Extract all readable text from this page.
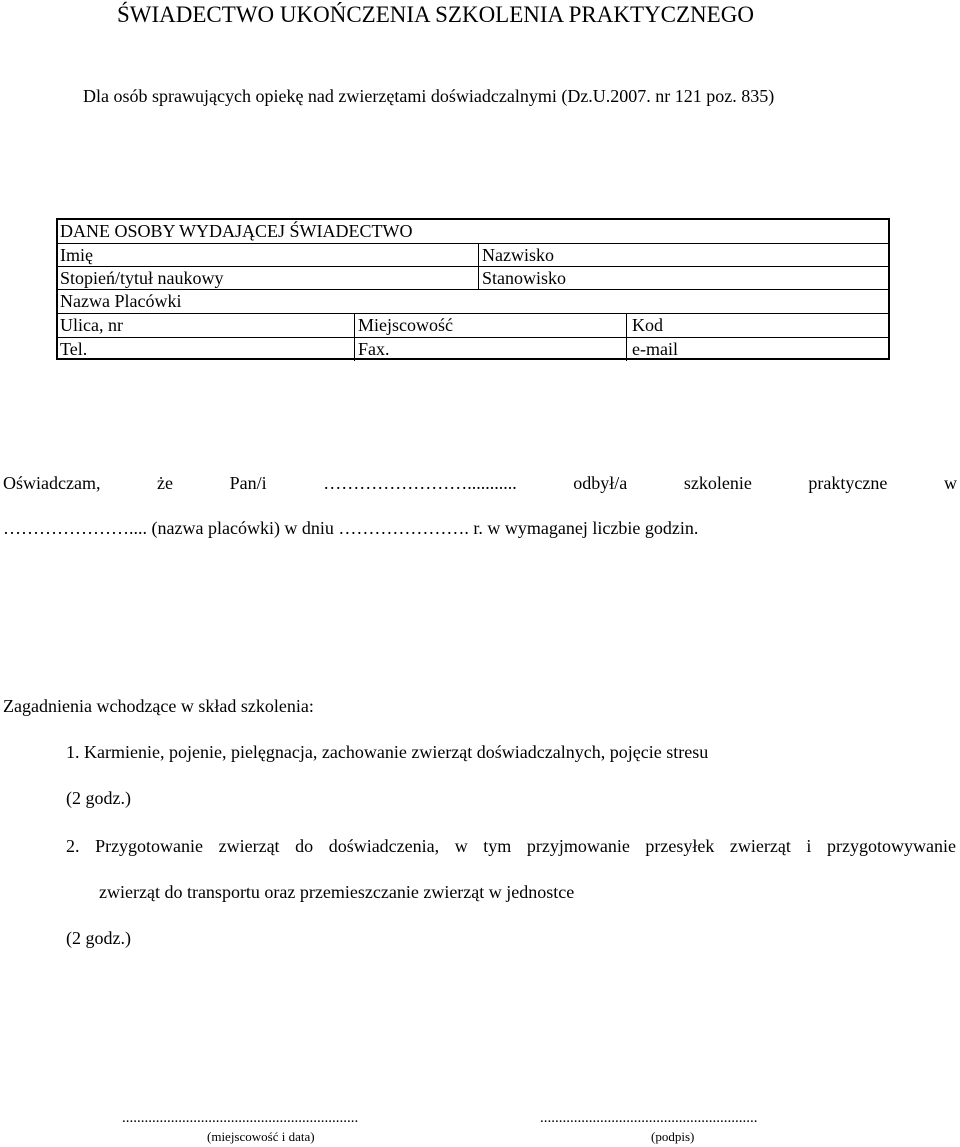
ŚWIADECTWO UKOŃCZENIA SZKOLENIA PRAKTYCZNEGO
Dla osób sprawujących opiekę nad zwierzętami doświadczalnymi (Dz.U.2007. nr 121 poz. 835)
DANE OSOBY WYDAJĄCEJ ŚWIADECTWO
Imię	Nazwisko
Stopień/tytuł naukowy	Stanowisko
Nazwa Placówki
Ulica, nr	Miejscowość	Kod
Tel.	Fax.	e-mail
Oświadczam,	że	Pan/i	……………………...........	odbył/a	szkolenie	praktyczne	w
………………….... (nazwa placówki) w dniu …………………. r. w wymaganej liczbie godzin.
Zagadnienia wchodzące w skład szkolenia:
1. Karmienie, pojenie, pielęgnacja, zachowanie zwierząt doświadczalnych, pojęcie stresu
(2 godz.)
2. Przygotowanie zwierząt do doświadczenia, w tym przyjmowanie przesyłek zwierząt i przygotowywanie
zwierząt do transportu oraz przemieszczanie zwierząt w jednostce
(2 godz.)
...............................................................
(miejscowość i data)
..........................................................
(podpis)
